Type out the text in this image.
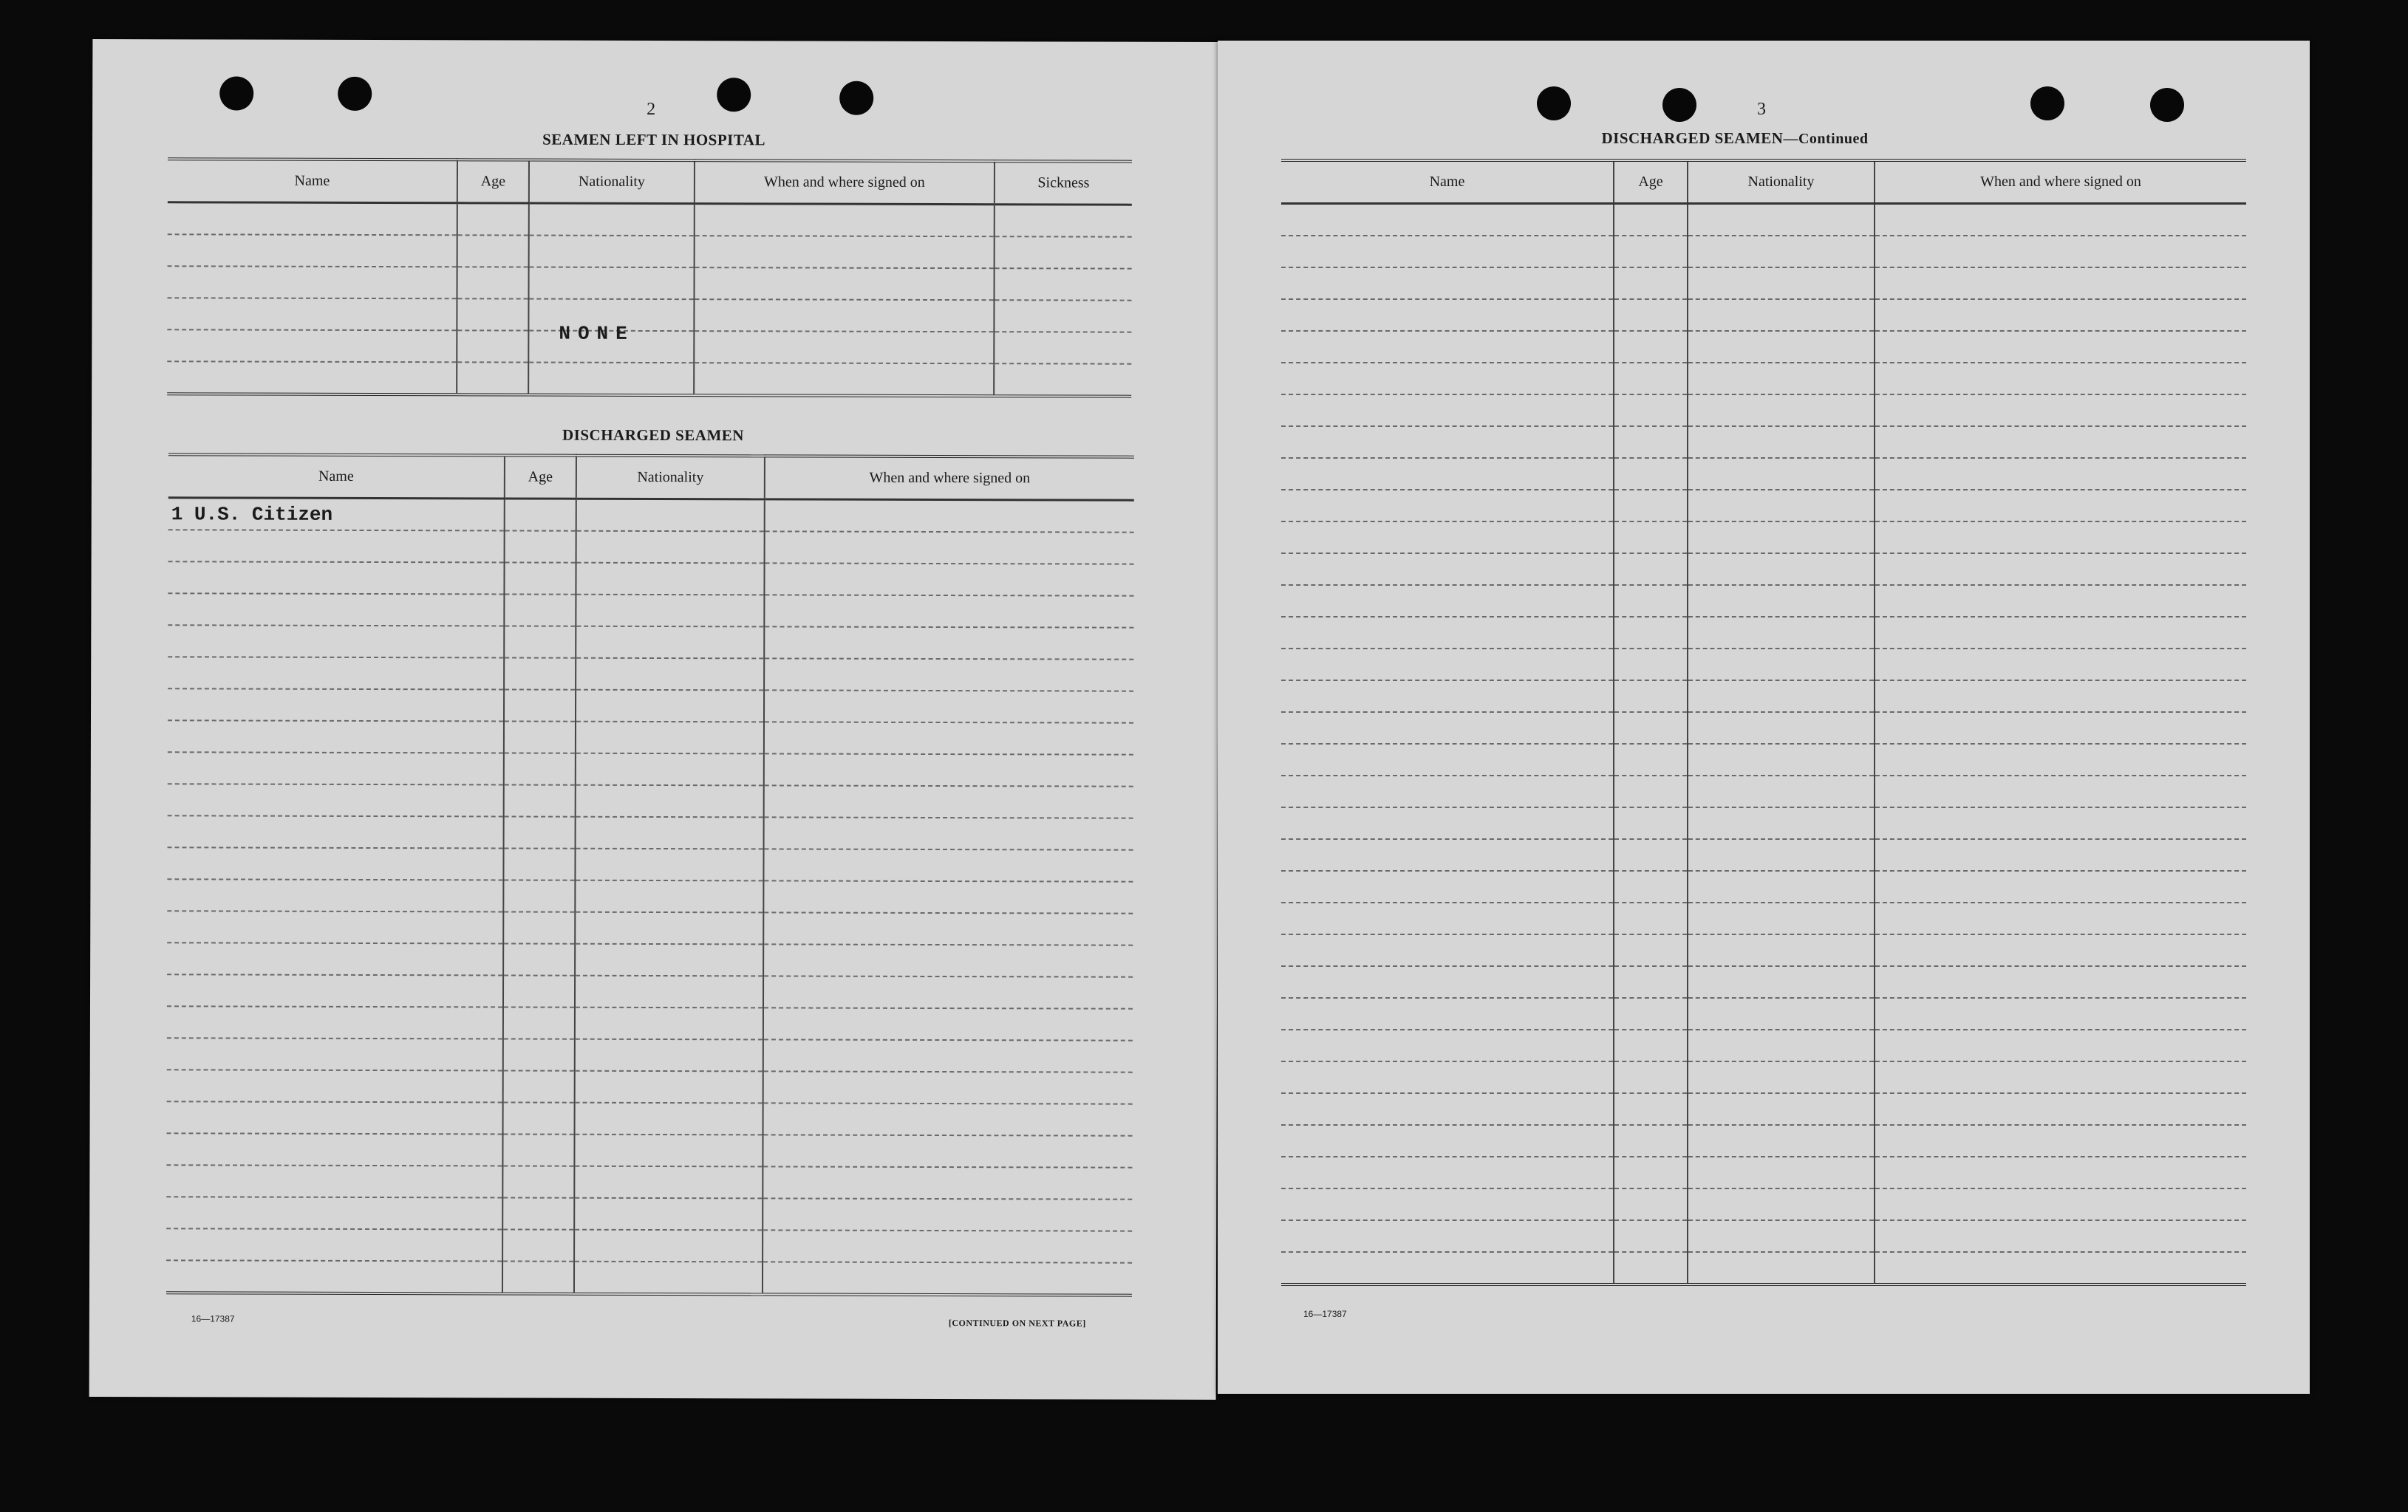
2
SEAMEN LEFT IN HOSPITAL
Name	Age	Nationality	When and where signed on	Sickness

NONE
DISCHARGED SEAMEN
Name	Age	Nationality	When and where signed on
1 U.S. Citizen			

16—17387	[CONTINUED ON NEXT PAGE]
3
DISCHARGED SEAMEN—Continued
Name	Age	Nationality	When and where signed on

16—17387
